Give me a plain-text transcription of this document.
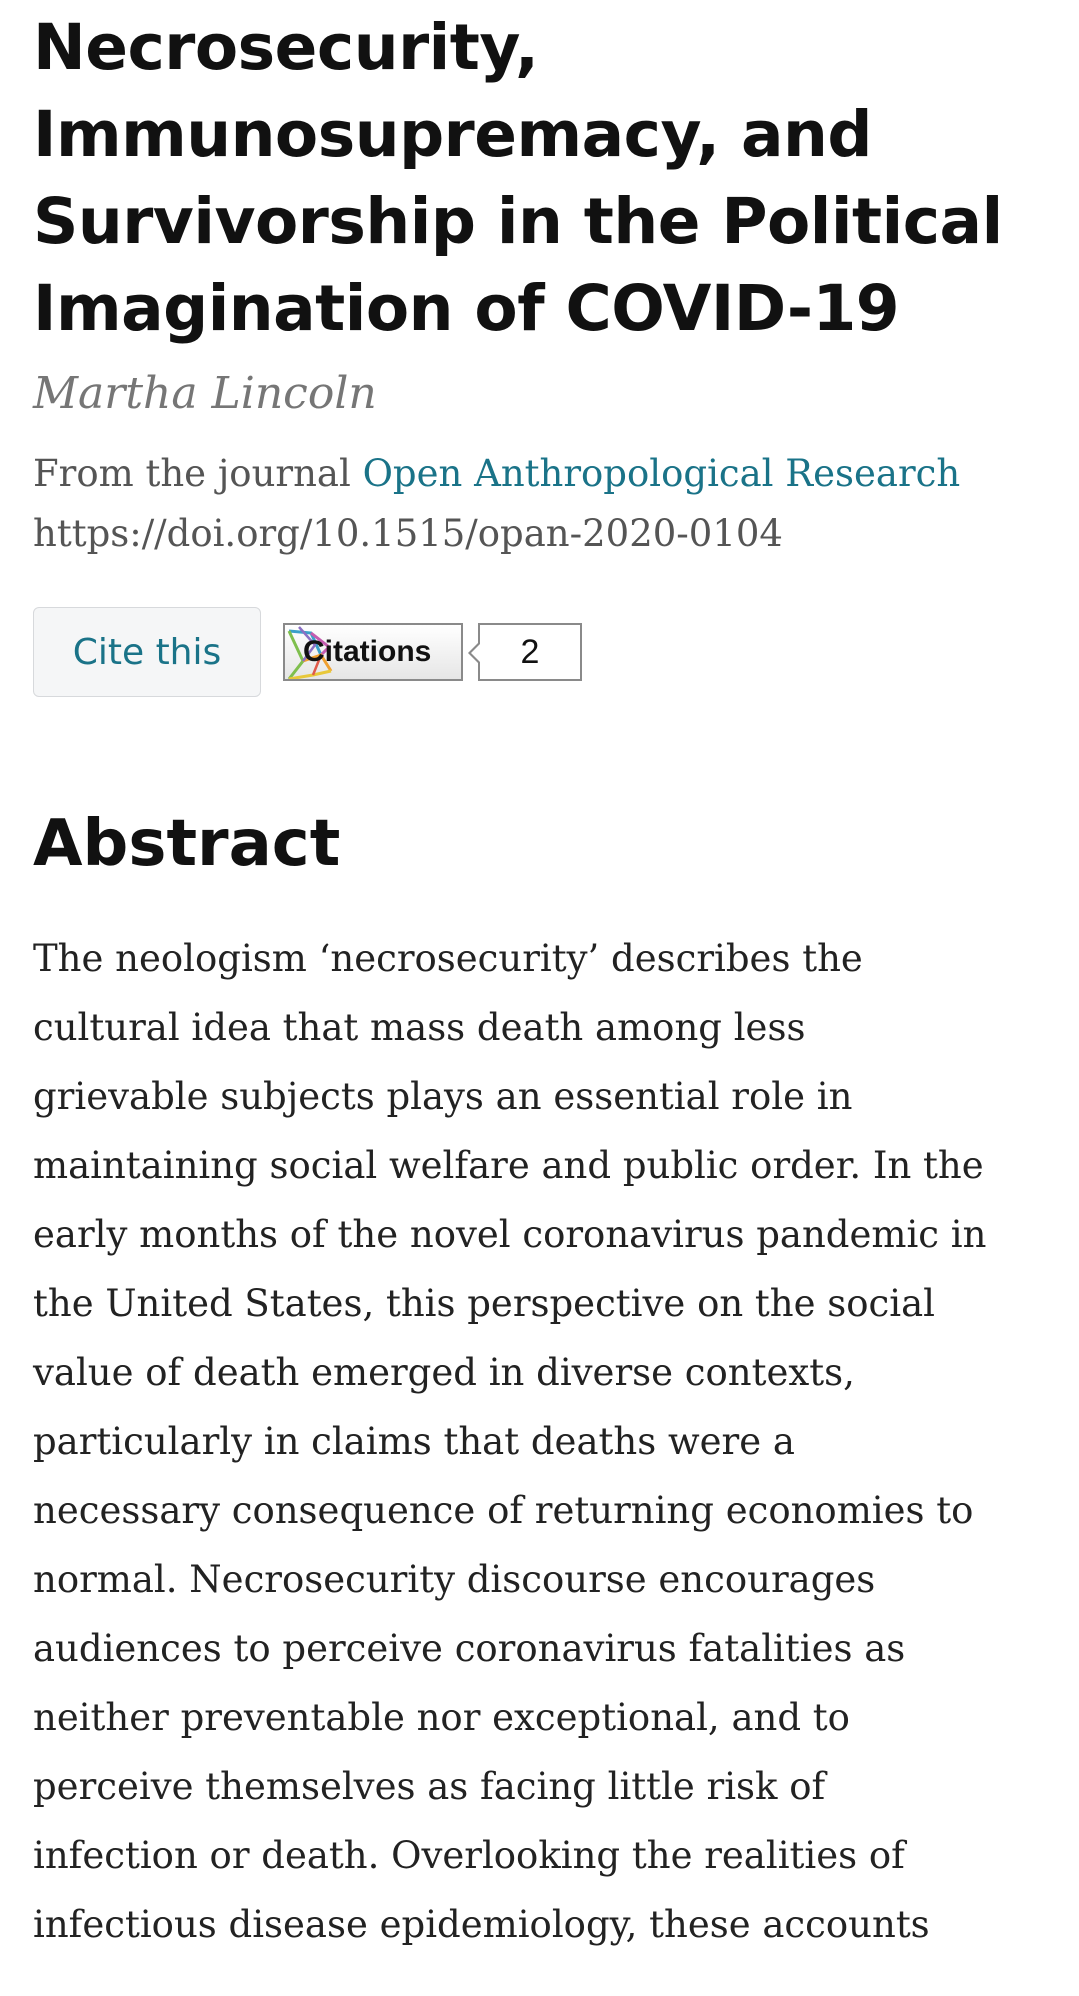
Necrosecurity, Immunosupremacy, and Survivorship in the Political Imagination of COVID-19
Martha Lincoln
From the journal Open Anthropological Research
https://doi.org/10.1515/opan-2020-0104
Cite this	Citations	2
Abstract

The neologism ‘necrosecurity’ describes the cultural idea that mass death among less grievable subjects plays an essential role in maintaining social welfare and public order. In the early months of the novel coronavirus pandemic in the United States, this perspective on the social value of death emerged in diverse contexts, particularly in claims that deaths were a necessary consequence of returning economies to normal. Necrosecurity discourse encourages audiences to perceive coronavirus fatalities as neither preventable nor exceptional, and to perceive themselves as facing little risk of infection or death. Overlooking the realities of infectious disease epidemiology, these accounts
